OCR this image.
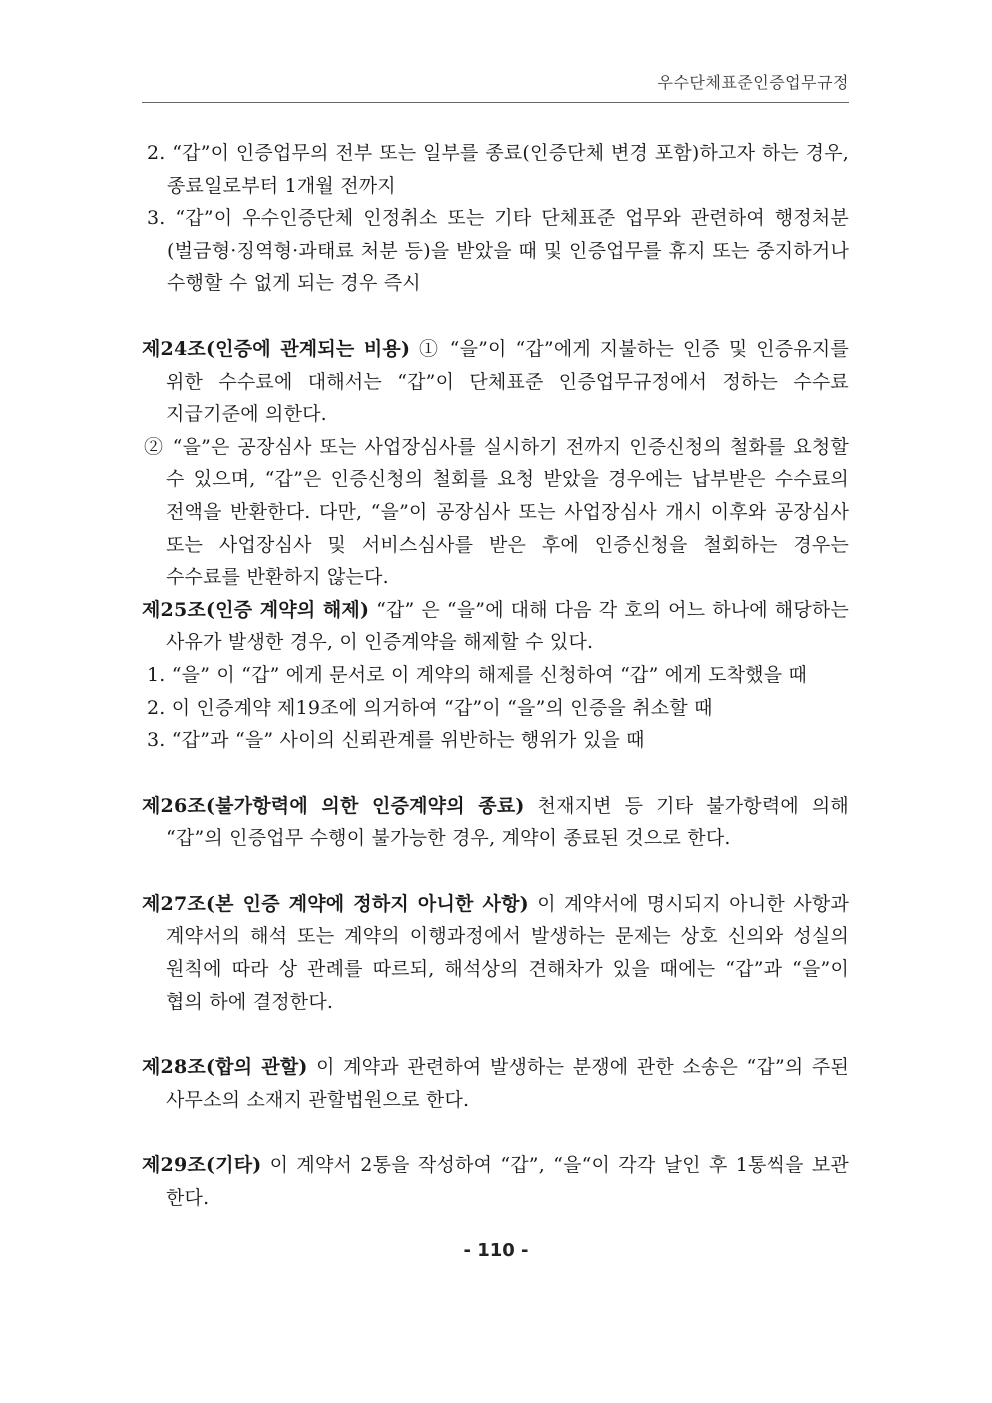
우수단체표준인증업무규정
2. “갑”이 인증업무의 전부 또는 일부를 종료(인증단체 변경 포함)하고자 하는 경우, 종료일로부터 1개월 전까지
3. “갑”이 우수인증단체 인정취소 또는 기타 단체표준 업무와 관련하여 행정처분(벌금형·징역형·과태료 처분 등)을 받았을 때 및 인증업무를 휴지 또는 중지하거나 수행할 수 없게 되는 경우 즉시
제24조(인증에 관계되는 비용) ① “을”이 “갑”에게 지불하는 인증 및 인증유지를 위한 수수료에 대해서는 “갑”이 단체표준 인증업무규정에서 정하는 수수료 지급기준에 의한다.
② “을”은 공장심사 또는 사업장심사를 실시하기 전까지 인증신청의 철화를 요청할 수 있으며, “갑”은 인증신청의 철회를 요청 받았을 경우에는 납부받은 수수료의 전액을 반환한다. 다만, “을”이 공장심사 또는 사업장심사 개시 이후와 공장심사 또는 사업장심사 및 서비스심사를 받은 후에 인증신청을 철회하는 경우는 수수료를 반환하지 않는다.
제25조(인증 계약의 해제) “갑” 은 “을”에 대해 다음 각 호의 어느 하나에 해당하는 사유가 발생한 경우, 이 인증계약을 해제할 수 있다.
1. “을” 이 “갑” 에게 문서로 이 계약의 해제를 신청하여 “갑” 에게 도착했을 때
2. 이 인증계약 제19조에 의거하여 “갑”이 “을”의 인증을 취소할 때
3. “갑”과 “을” 사이의 신뢰관계를 위반하는 행위가 있을 때
제26조(불가항력에 의한 인증계약의 종료) 천재지변 등 기타 불가항력에 의해 “갑”의 인증업무 수행이 불가능한 경우, 계약이 종료된 것으로 한다.
제27조(본 인증 계약에 정하지 아니한 사항) 이 계약서에 명시되지 아니한 사항과 계약서의 해석 또는 계약의 이행과정에서 발생하는 문제는 상호 신의와 성실의 원칙에 따라 상 관례를 따르되, 해석상의 견해차가 있을 때에는 “갑”과 “을”이 협의 하에 결정한다.
제28조(합의 관할) 이 계약과 관련하여 발생하는 분쟁에 관한 소송은 “갑”의 주된 사무소의 소재지 관할법원으로 한다.
제29조(기타) 이 계약서 2통을 작성하여 “갑”, “을“이 각각 날인 후 1통씩을 보관 한다.
- 110 -
